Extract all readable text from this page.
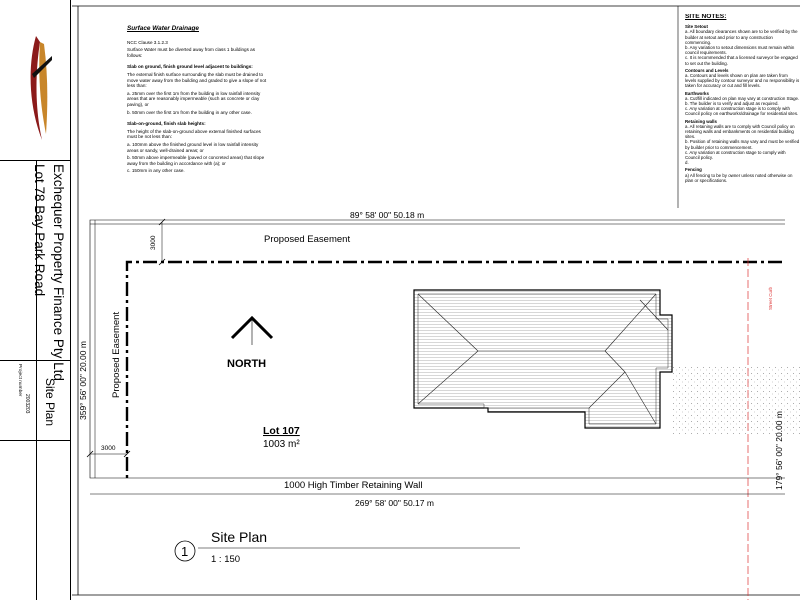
Exchequer Property Finance Pty Ltd
Lot 78 Bay Park Road
Site Plan
Project number
2003203
Surface Water Drainage

NCC Clause 3.1.2.3

Surface Water must be diverted away from class 1 buildings as follows:

Slab on ground, finish ground level adjacent to buildings:

The external finish surface surrounding the slab must be drained to move water away from the building and graded to give a slope of not less than:

a. 25mm over the first 1m from the building in low rainfall intensity areas that are reasonably impermeable (such as concrete or clay paving), or

b. 50mm over the first 1m from the building in any other case.

Slab-on-ground, finish slab heights:

The height of the slab-on-ground above external finished surfaces must be not less than:

a. 100mm above the finished ground level in low rainfall intensity areas or sandy, well-drained areas; or

b. 50mm above impermeable (paved or concreted areas) that slope away from the building in accordance with (a); or

c. 150mm in any other case.

SITE NOTES:
Site Setout

a. All boundary clearances shown are to be verified by the builder at setout and prior to any construction commencing.

b. Any variation to setout dimensions must remain within council requirements.

c. It is recommended that a licensed surveyor be engaged to set out the building.

Contours and Levels

a. Contours and levels shown on plan are taken from levels supplied by contour surveyor and no responsibility is taken for accuracy or cut and fill levels.

Earthworks

a. Cut/fill indicated on plan may vary at construction Stage.

b. The builder is to verify and adjust as required.

c. Any variation at construction stage is to comply with Council policy on earthworks/drainage for residential sites.

Retaining walls

a. All retaining walls are to comply with Council policy on retaining walls and embankments on residential building sites.

b. Position of retaining walls may vary and must be verified by builder prior to commencement.

c. Any variation at construction stage to comply with Council policy.

d.

Fencing

a) All fencing to be by owner unless noted otherwise on plan or specifications.

89° 58' 00" 50.18 m
269° 58' 00" 50.17 m
359° 56' 00" 20.00 m
179° 56' 00" 20.00 m
Proposed Easement
Proposed Easement
3000
3000
NORTH
Lot 107
1003 m²
1000 High Timber Retaining Wall
Street Curb
1
Site Plan
1 : 150
